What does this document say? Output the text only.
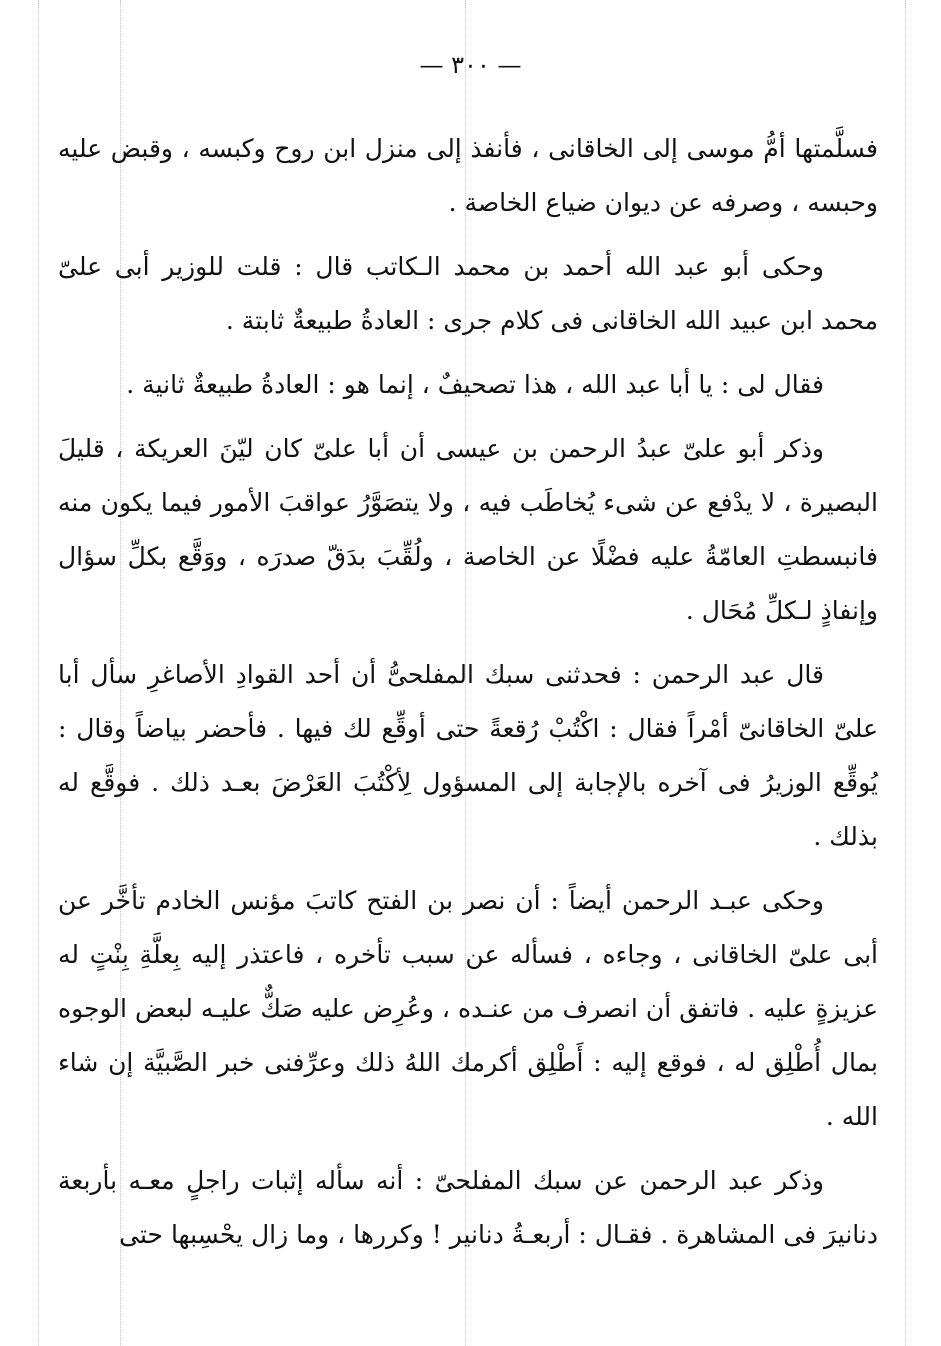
— ٣٠٠ —

فسلَّمتها أمُّ موسى إلى الخاقانى ، فأنفذ إلى منزل ابن روح وكبسه ، وقبض عليه وحبسه ، وصرفه عن ديوان ضياع الخاصة .

وحكى أبو عبد الله أحمد بن محمد الـكاتب قال : قلت للوزير أبى علىّ محمد ابن عبيد الله الخاقانى فى كلام جرى : العادةُ طبيعةٌ ثابتة .

فقال لى : يا أبا عبد الله ، هذا تصحيفٌ ، إنما هو : العادةُ طبيعةٌ ثانية .

وذكر أبو علىّ عبدُ الرحمن بن عيسى أن أبا علىّ كان ليّنَ العريكة ، قليلَ البصيرة ، لا يدْفع عن شىء يُخاطَب فيه ، ولا يتصَوَّرُ عواقبَ الأمور فيما يكون منه فانبسطتِ العامّةُ عليه فضْلًا عن الخاصة ، ولُقِّبَ بدَقّ صدرَه ، ووَقَّع بكلِّ سؤال وإنفاذٍ لـكلِّ مُحَال .

قال عبد الرحمن : فحدثنى سبك المفلحىُّ أن أحد القوادِ الأصاغرِ سأل أبا علىّ الخاقانىّ أمْراً فقال : اكْتُبْ رُقعةً حتى أوقِّع لك فيها . فأحضر بياضاً وقال : يُوقِّع الوزيرُ فى آخره بالإجابة إلى المسؤول لِأكْتُبَ العَرْضَ بعـد ذلك . فوقَّع له بذلك .

وحكى عبـد الرحمن أيضاً : أن نصر بن الفتح كاتبَ مؤنس الخادم تأخَّر عن أبى علىّ الخاقانى ، وجاءه ، فسأله عن سبب تأخره ، فاعتذر إليه بِعلَّةِ بِنْتٍ له عزيزةٍ عليه . فاتفق أن انصرف من عنـده ، وعُرِض عليه صَكٌّ عليـه لبعض الوجوه بمال أُطْلِق له ، فوقع إليه : أَطْلِق أكرمك اللهُ ذلك وعرِّفنى خبر الصَّبيَّة إن شاء الله .

وذكر عبد الرحمن عن سبك المفلحىّ : أنه سأله إثبات راجلٍ معـه بأربعة دنانيرَ فى المشاهرة . فقـال : أربعـةُ دنانير ! وكررها ، وما زال يحْسِبها حتى
